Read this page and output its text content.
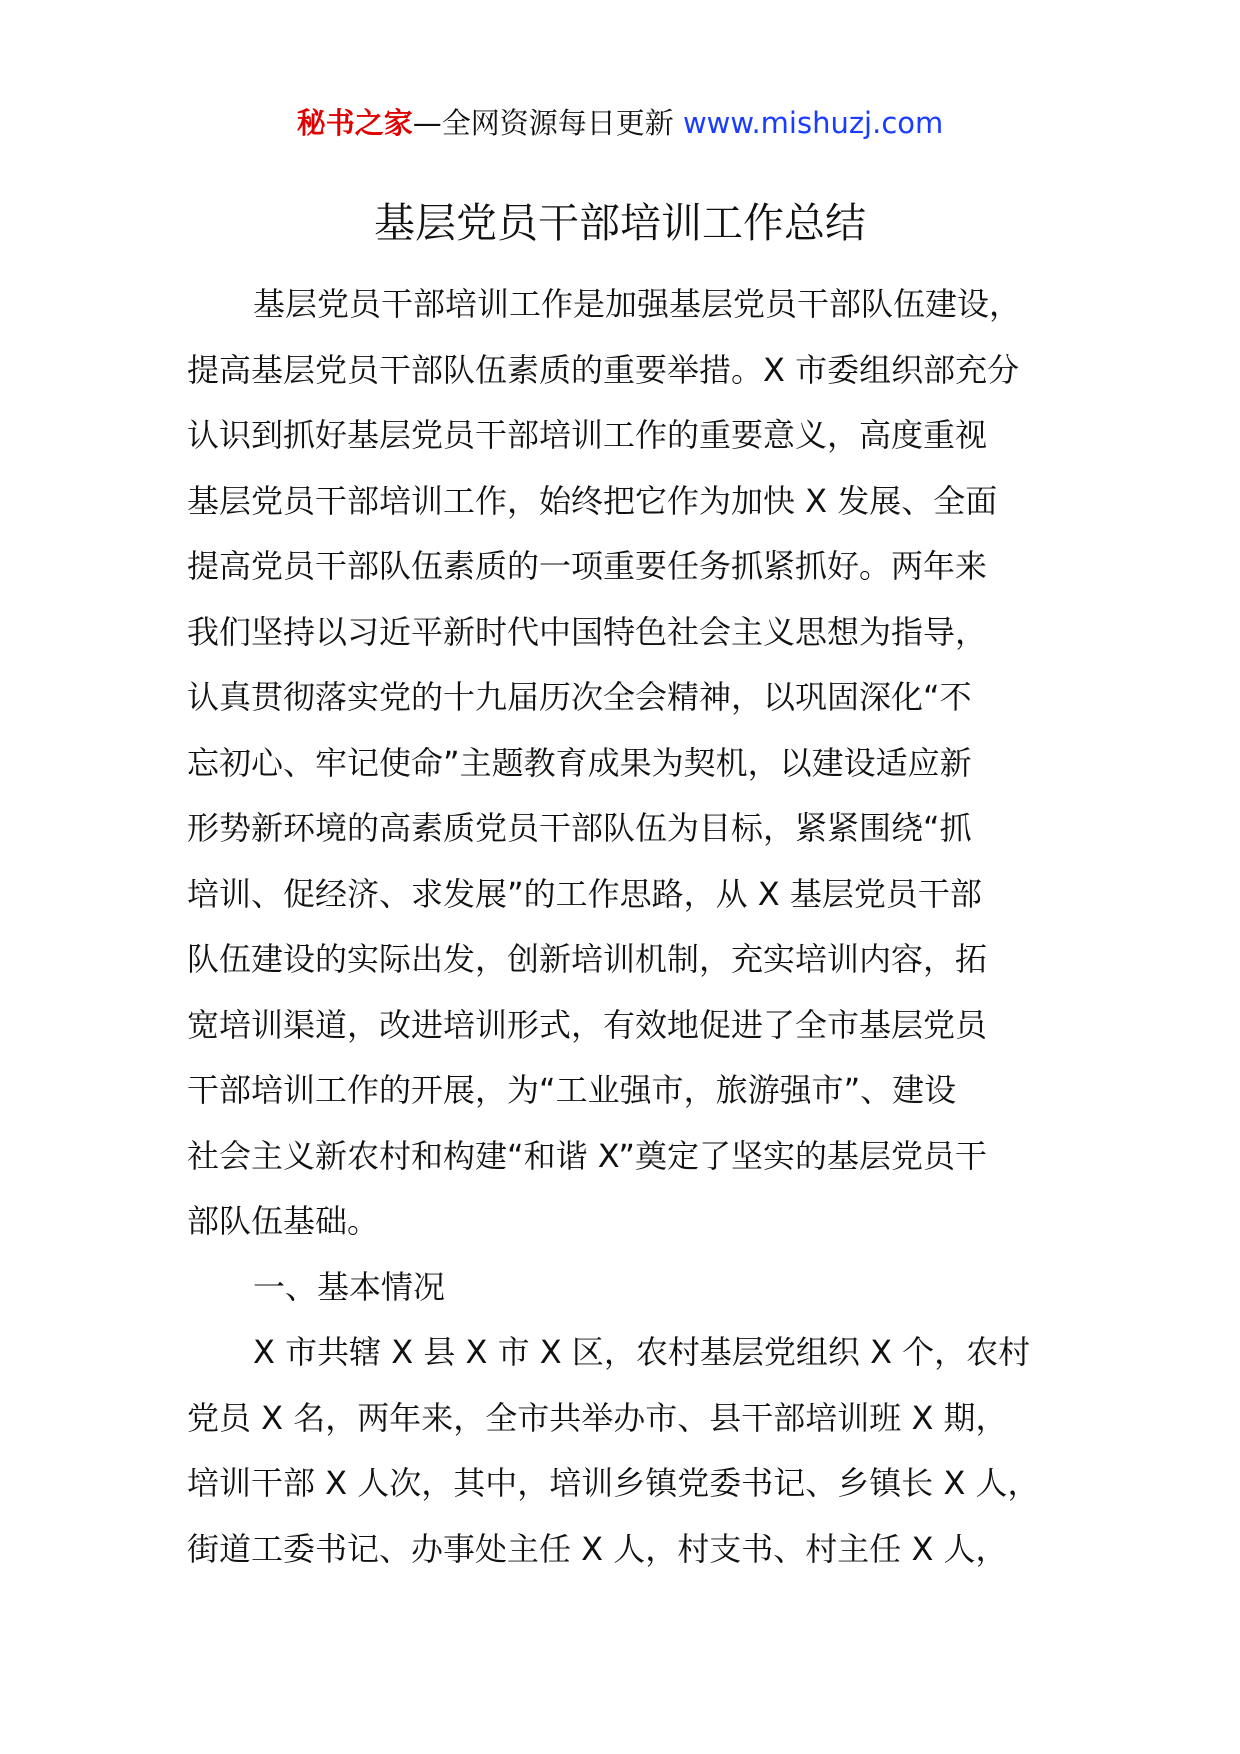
秘书之家—全网资源每日更新 www.mishuzj.com
基层党员干部培训工作总结
基层党员干部培训工作是加强基层党员干部队伍建设，
提高基层党员干部队伍素质的重要举措。X 市委组织部充分
认识到抓好基层党员干部培训工作的重要意义，高度重视
基层党员干部培训工作，始终把它作为加快 X 发展、全面
提高党员干部队伍素质的一项重要任务抓紧抓好。两年来
我们坚持以习近平新时代中国特色社会主义思想为指导，
认真贯彻落实党的十九届历次全会精神，以巩固深化“不
忘初心、牢记使命”主题教育成果为契机，以建设适应新
形势新环境的高素质党员干部队伍为目标，紧紧围绕“抓
培训、促经济、求发展”的工作思路，从 X 基层党员干部
队伍建设的实际出发，创新培训机制，充实培训内容，拓
宽培训渠道，改进培训形式，有效地促进了全市基层党员
干部培训工作的开展，为“工业强市，旅游强市”、建设
社会主义新农村和构建“和谐 X”奠定了坚实的基层党员干
部队伍基础。
一、基本情况
X 市共辖 X 县 X 市 X 区，农村基层党组织 X 个，农村
党员 X 名，两年来，全市共举办市、县干部培训班 X 期，
培训干部 X 人次，其中，培训乡镇党委书记、乡镇长 X 人，
街道工委书记、办事处主任 X 人，村支书、村主任 X 人，
